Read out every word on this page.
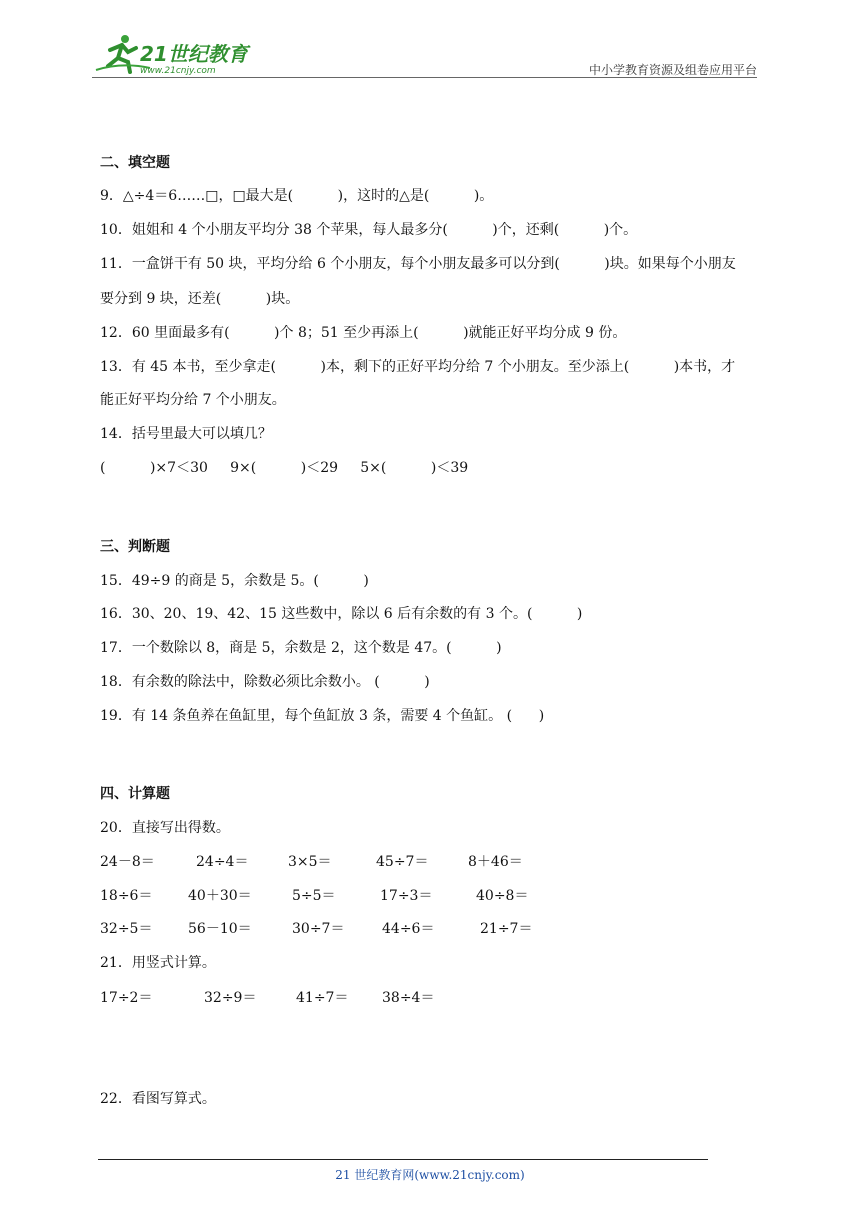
21世纪教育
www.21cnjy.com	中小学教育资源及组卷应用平台
二、填空题
9．△÷4＝6……□，□最大是(          )，这时的△是(          )。
10．姐姐和 4 个小朋友平均分 38 个苹果，每人最多分(          )个，还剩(          )个。
11．一盒饼干有 50 块，平均分给 6 个小朋友，每个小朋友最多可以分到(          )块。如果每个小朋友
要分到 9 块，还差(          )块。
12．60 里面最多有(          )个 8；51 至少再添上(          )就能正好平均分成 9 份。
13．有 45 本书，至少拿走(          )本，剩下的正好平均分给 7 个小朋友。至少添上(          )本书，才
能正好平均分给 7 个小朋友。
14．括号里最大可以填几？
(          )×7＜30     9×(          )＜29     5×(          )＜39
三、判断题
15．49÷9 的商是 5，余数是 5。(          )
16．30、20、19、42、15 这些数中，除以 6 后有余数的有 3 个。(          )
17．一个数除以 8，商是 5，余数是 2，这个数是 47。(          )
18．有余数的除法中，除数必须比余数小。 (          )
19．有 14 条鱼养在鱼缸里，每个鱼缸放 3 条，需要 4 个鱼缸。 (      )
四、计算题
20．直接写出得数。
24－8＝	24÷4＝	3×5＝	45÷7＝	8＋46＝
18÷6＝	40＋30＝	5÷5＝	17÷3＝	40÷8＝
32÷5＝	56－10＝	30÷7＝	44÷6＝	21÷7＝
21．用竖式计算。
17÷2＝	32÷9＝	41÷7＝ 38÷4＝
22．看图写算式。
21 世纪教育网(www.21cnjy.com)
